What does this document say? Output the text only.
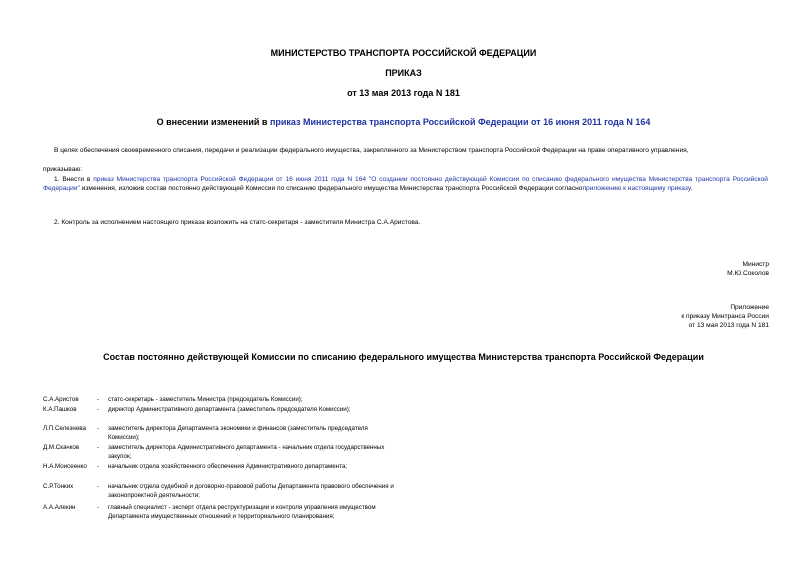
МИНИСТЕРСТВО ТРАНСПОРТА РОССИЙСКОЙ ФЕДЕРАЦИИ
ПРИКАЗ
от 13 мая 2013 года N 181
О внесении изменений в приказ Министерства транспорта Российской Федерации от 16 июня 2011 года N 164
В целях обеспечения своевременного списания, передачи и реализации федерального имущества, закрепленного за Министерством транспорта Российской Федерации на праве оперативного управления,
приказываю:
1. Внести в приказ Министерства транспорта Российской Федерации от 16 июня 2011 года N 164 "О создании постоянно действующей Комиссии по списанию федерального имущества Министерства транспорта Российской Федерации" изменения, изложив состав постоянно действующей Комиссии по списанию федерального имущества Министерства транспорта Российской Федерации согласноприложению к настоящему приказу.
2. Контроль за исполнением настоящего приказа возложить на статс-секретаря - заместителя Министра С.А.Аристова.
Министр
М.Ю.Соколов
Приложение
к приказу Минтранса России
от 13 мая 2013 года N 181
Состав постоянно действующей Комиссии по списанию федерального имущества Министерства транспорта Российской Федерации
С.А.Аристов	- статс-секретарь - заместитель Министра (председатель Комиссии);
К.А.Пашков	- директор Административного департамента (заместитель председателя Комиссии);
Л.П.Селезнева	- заместитель директора Департамента экономики и финансов (заместитель председателя Комиссии);
Д.М.Скачков	- заместитель директора Административного департамента - начальник отдела государственных закупок;
Н.А.Моисеенко	- начальник отдела хозяйственного обеспечения Административного департамента;
С.Р.Тонких	- начальник отдела судебной и договорно-правовой работы Департамента правового обеспечения и законопроектной деятельности;
А.А.Алекин	- главный специалист - эксперт отдела реструктуризации и контроля управления имуществом Департамента имущественных отношений и территориального планирования;
